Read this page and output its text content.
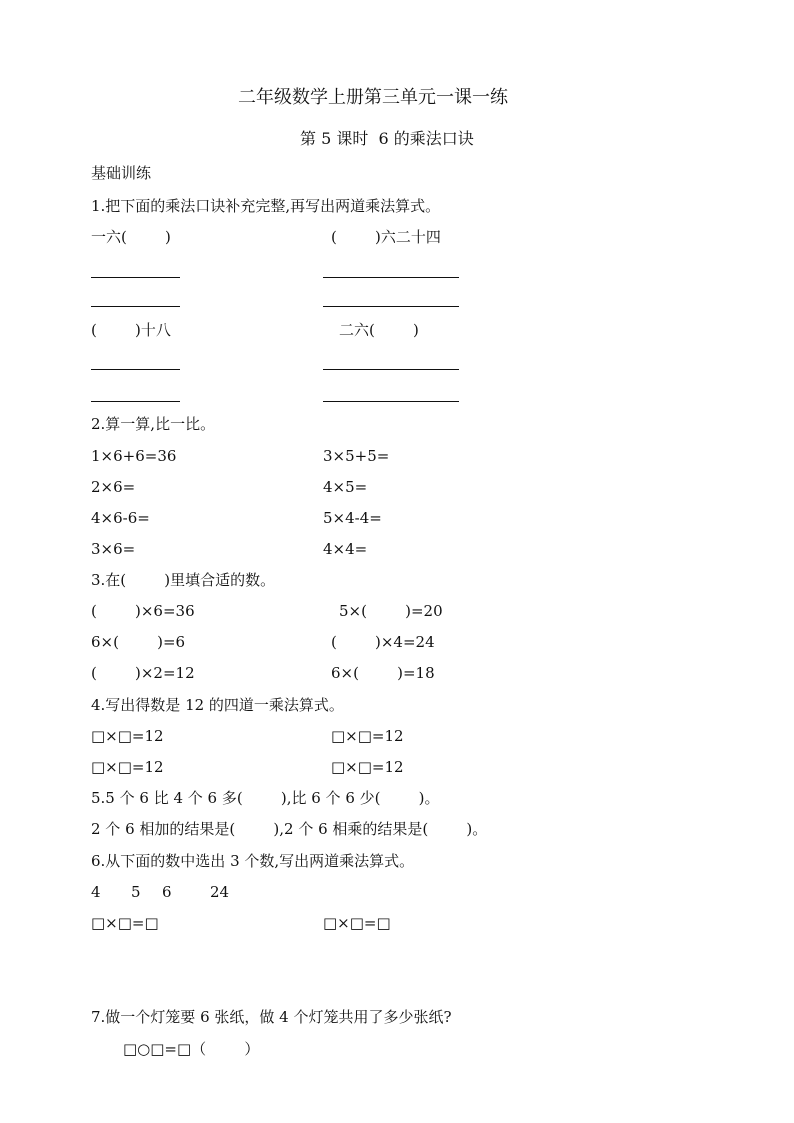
二年级数学上册第三单元一课一练
第 5 课时  6 的乘法口诀
基础训练
1.把下面的乘法口诀补充完整,再写出两道乘法算式。
一六(        )	(        )六二十四
(        )十八	二六(        )
2.算一算,比一比。
1×6+6=36	3×5+5=
2×6=	4×5=
4×6-6=	5×4-4=
3×6=	4×4=
3.在(        )里填合适的数。
(        )×6=36	5×(        )=20
6×(        )=6	(        )×4=24
(        )×2=12	6×(        )=18
4.写出得数是 12 的四道一乘法算式。
□×□=12	□×□=12
□×□=12	□×□=12
5.5 个 6 比 4 个 6 多(        ),比 6 个 6 少(        )。
2 个 6 相加的结果是(        ),2 个 6 相乘的结果是(        )。
6.从下面的数中选出 3 个数,写出两道乘法算式。
4 5 6	24
□×□=□	□×□=□
7.做一个灯笼要 6 张纸，做 4 个灯笼共用了多少张纸?
□○□=□（        ）
